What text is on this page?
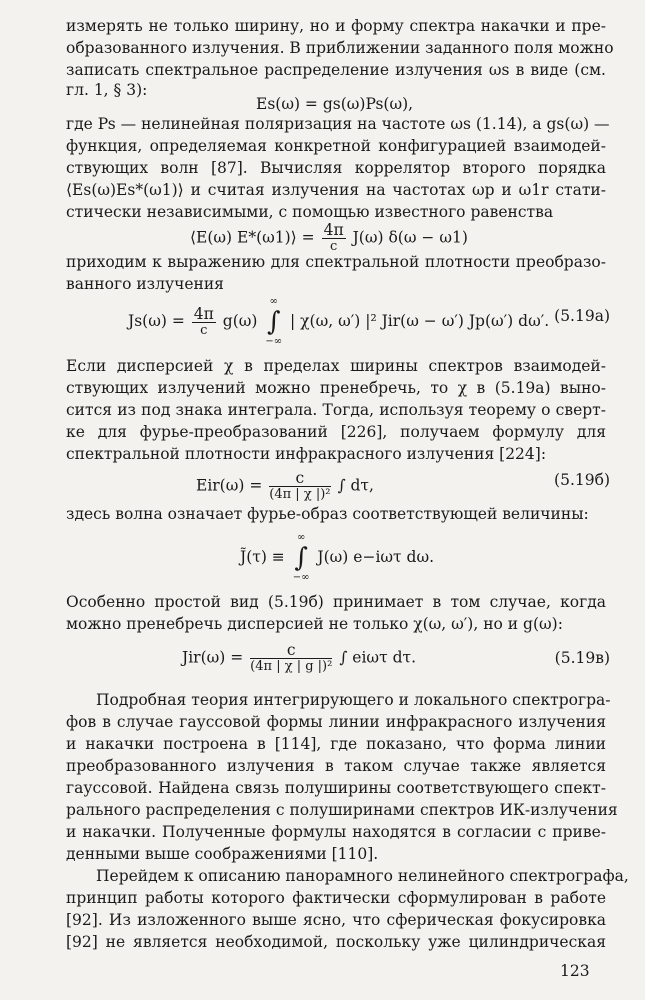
измерять не только ширину, но и форму спектра накачки и пре-
образованного излучения. В приближении заданного поля можно
записать спектральное распределение излучения ωs в виде (см.
гл. 1, § 3):
Es(ω) = gs(ω)Ps(ω),
где Ps — нелинейная поляризация на частоте ωs (1.14), а gs(ω) —
функция, определяемая конкретной конфигурацией взаимодей-
ствующих волн [87]. Вычисляя коррелятор второго порядка
⟨Es(ω)Es*(ω1)⟩ и считая излучения на частотах ωp и ω1r стати-
стически независимыми, с помощью известного равенства
⟨E(ω) E*(ω1)⟩ = $\frac{4\pi}{c} J(\omega) \delta(\omega - \omega 1)$
приходим к выражению для спектральной плотности преобразо-
ванного излучения
$Js(\omega) = \frac{4\pi}{c} g(\omega)$
∞
∫
−∞
| χ(ω, ω′) |² Jir(ω − ω′) Jp(ω′) dω′. (5.19а)
Если дисперсией χ в пределах ширины спектров взаимодей-
ствующих излучений можно пренебречь, то χ в (5.19а) выно-
сится из под знака интеграла. Тогда, используя теорему о сверт-
ке для фурье-преобразований [226], получаем формулу для
спектральной плотности инфракрасного излучения [224]:
$Eir(\omega) = \frac{c}{\text{(4π | χ |)²}}$ ∫ dτ,	(5.19б)
здесь волна означает фурье-образ соответствующей величины:
J̃(τ) ≡
∞
∫
−∞
J(ω) e−iωτ dω.
Особенно простой вид (5.19б) принимает в том случае, когда
можно пренебречь дисперсией не только χ(ω, ω′), но и g(ω):
$Jir(\omega) = \frac{c}{\text{(4π | χ | g |)²}}$ ∫ eiωτ dτ.	(5.19в)
Подробная теория интегрирующего и локального спектрогра-
фов в случае гауссовой формы линии инфракрасного излучения
и накачки построена в [114], где показано, что форма линии
преобразованного излучения в таком случае также является
гауссовой. Найдена связь полуширины соответствующего спект-
рального распределения с полуширинами спектров ИК-излучения
и накачки. Полученные формулы находятся в согласии с приве-
денными выше соображениями [110].
Перейдем к описанию панорамного нелинейного спектрографа,
принцип работы которого фактически сформулирован в работе
[92]. Из изложенного выше ясно, что сферическая фокусировка
[92] не является необходимой, поскольку уже цилиндрическая
123
